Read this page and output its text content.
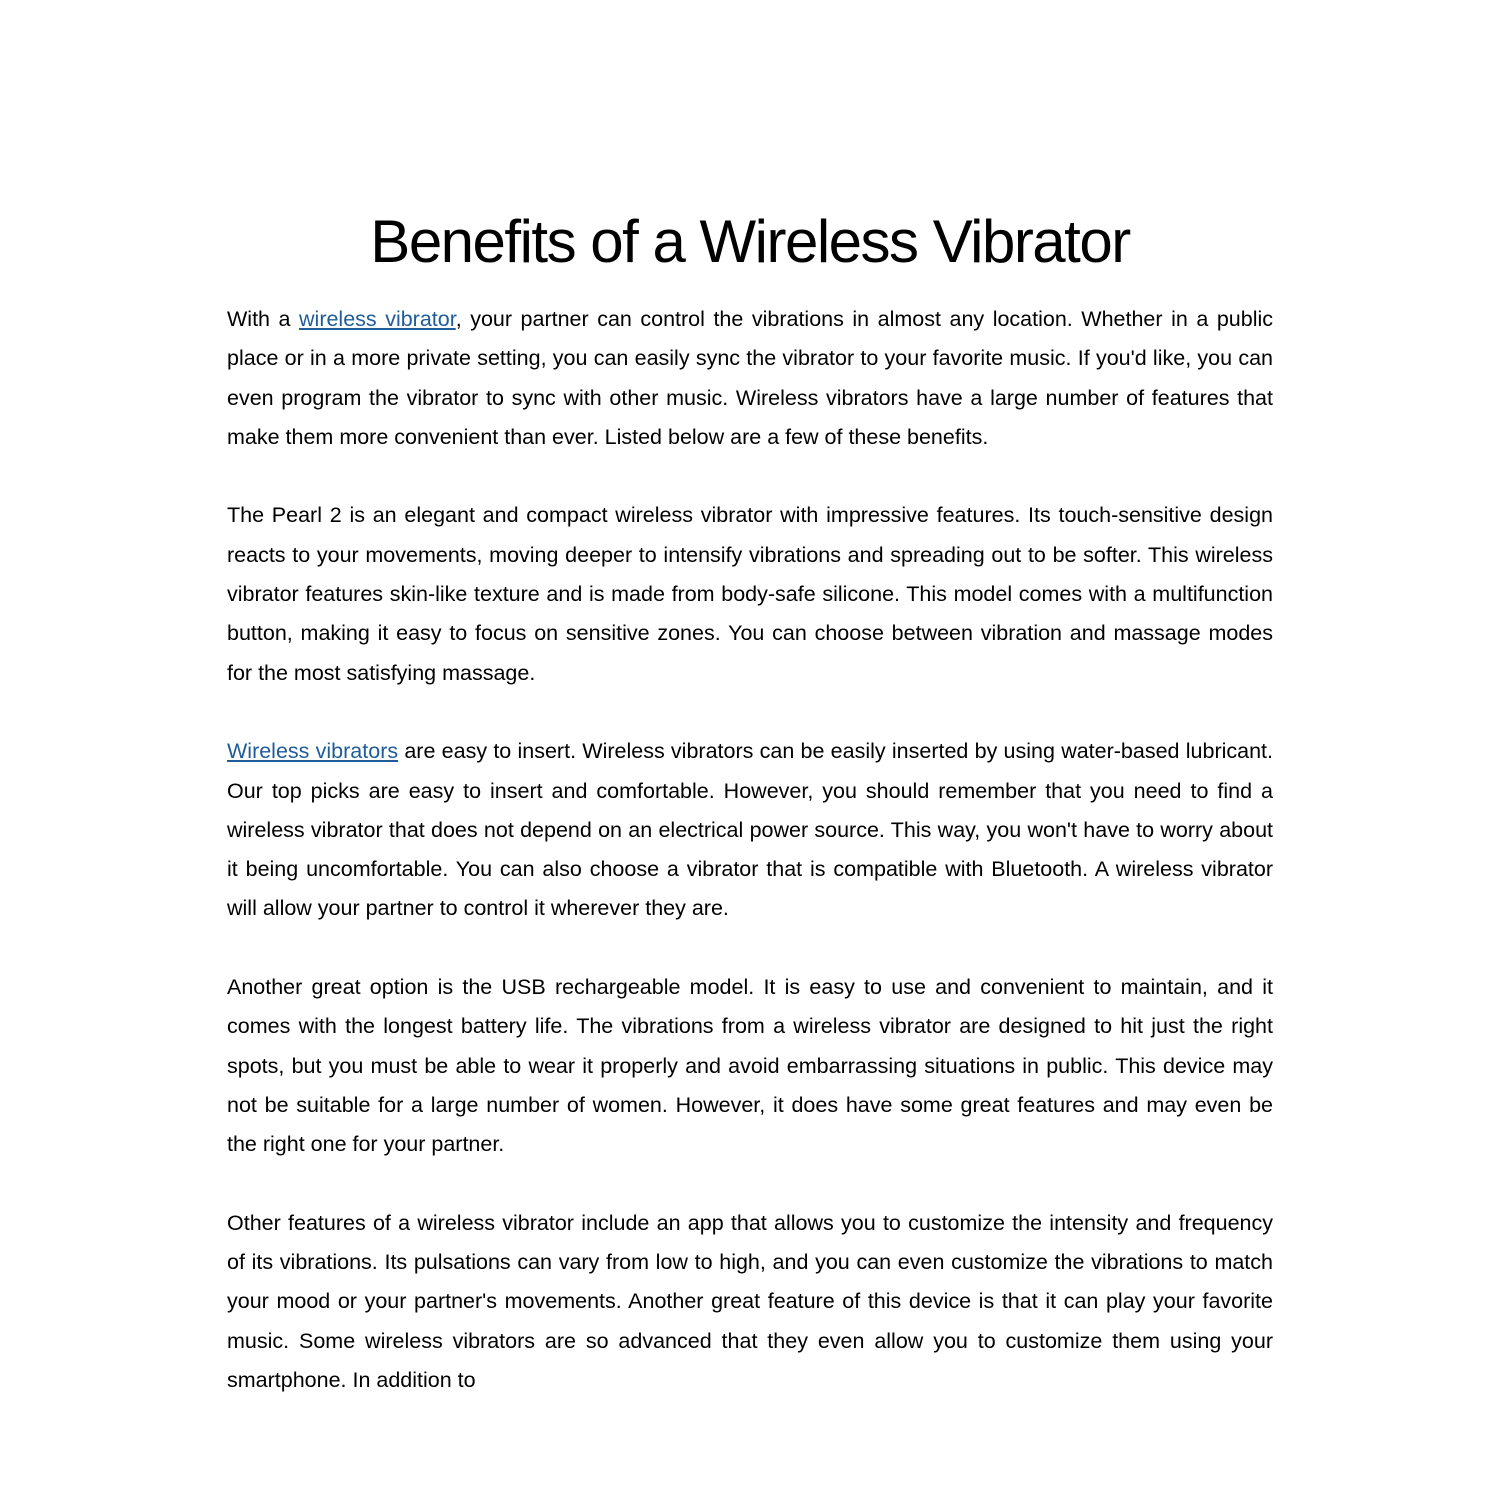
Benefits of a Wireless Vibrator

With a wireless vibrator, your partner can control the vibrations in almost any location. Whether in a public place or in a more private setting, you can easily sync the vibrator to your favorite music. If you'd like, you can even program the vibrator to sync with other music. Wireless vibrators have a large number of features that make them more convenient than ever. Listed below are a few of these benefits.

The Pearl 2 is an elegant and compact wireless vibrator with impressive features. Its touch-sensitive design reacts to your movements, moving deeper to intensify vibrations and spreading out to be softer. This wireless vibrator features skin-like texture and is made from body-safe silicone. This model comes with a multifunction button, making it easy to focus on sensitive zones. You can choose between vibration and massage modes for the most satisfying massage.

Wireless vibrators are easy to insert. Wireless vibrators can be easily inserted by using water-based lubricant. Our top picks are easy to insert and comfortable. However, you should remember that you need to find a wireless vibrator that does not depend on an electrical power source. This way, you won't have to worry about it being uncomfortable. You can also choose a vibrator that is compatible with Bluetooth. A wireless vibrator will allow your partner to control it wherever they are.

Another great option is the USB rechargeable model. It is easy to use and convenient to maintain, and it comes with the longest battery life. The vibrations from a wireless vibrator are designed to hit just the right spots, but you must be able to wear it properly and avoid embarrassing situations in public. This device may not be suitable for a large number of women. However, it does have some great features and may even be the right one for your partner.

Other features of a wireless vibrator include an app that allows you to customize the intensity and frequency of its vibrations. Its pulsations can vary from low to high, and you can even customize the vibrations to match your mood or your partner's movements. Another great feature of this device is that it can play your favorite music. Some wireless vibrators are so advanced that they even allow you to customize them using your smartphone. In addition to
